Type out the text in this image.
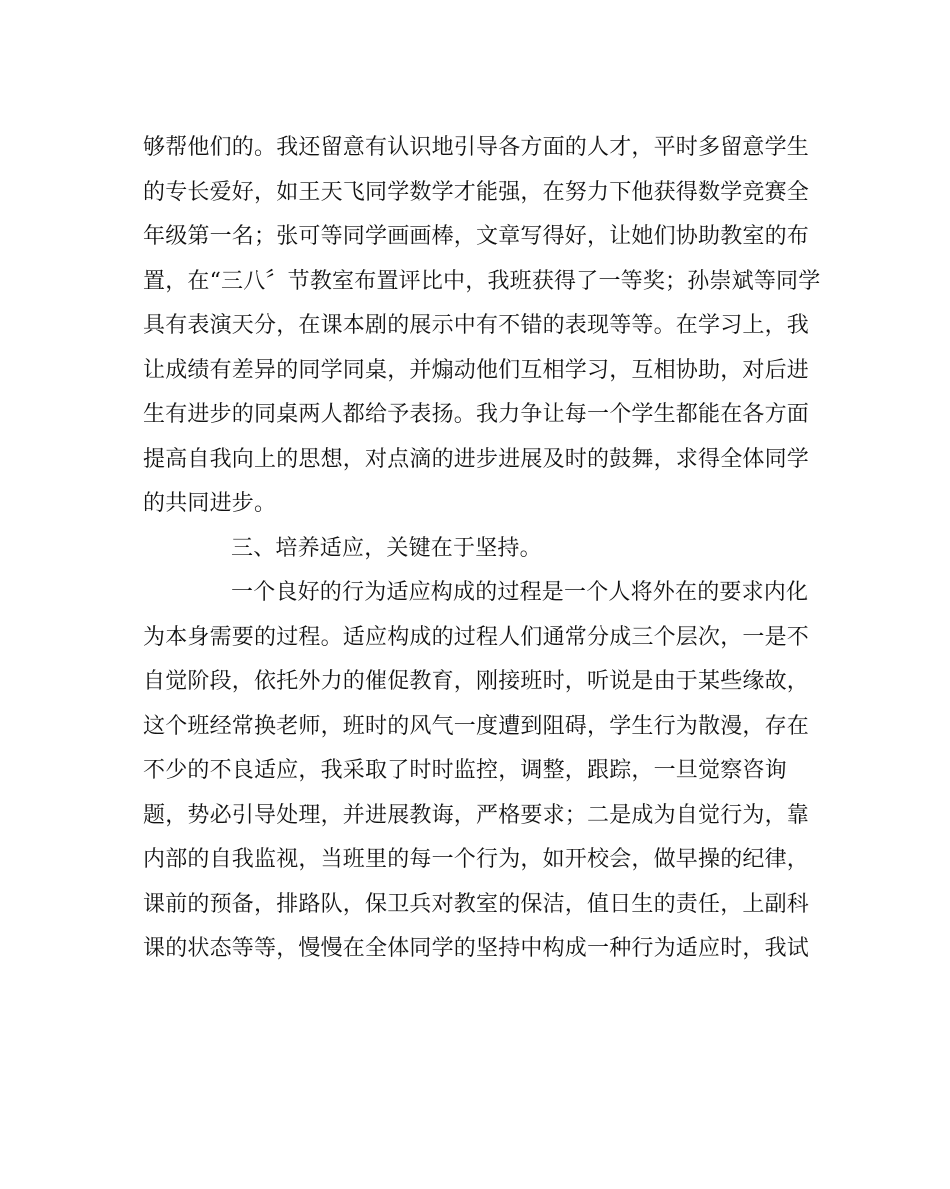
够帮他们的。我还留意有认识地引导各方面的人才，平时多留意学生
的专长爱好，如王天飞同学数学才能强，在努力下他获得数学竞赛全
年级第一名；张可等同学画画棒，文章写得好，让她们协助教室的布
置，在“三八〞节教室布置评比中，我班获得了一等奖；孙崇斌等同学
具有表演天分，在课本剧的展示中有不错的表现等等。在学习上，我
让成绩有差异的同学同桌，并煽动他们互相学习，互相协助，对后进
生有进步的同桌两人都给予表扬。我力争让每一个学生都能在各方面
提高自我向上的思想，对点滴的进步进展及时的鼓舞，求得全体同学
的共同进步。
三、培养适应，关键在于坚持。
一个良好的行为适应构成的过程是一个人将外在的要求内化
为本身需要的过程。适应构成的过程人们通常分成三个层次，一是不
自觉阶段，依托外力的催促教育，刚接班时，听说是由于某些缘故，
这个班经常换老师，班时的风气一度遭到阻碍，学生行为散漫，存在
不少的不良适应，我采取了时时监控，调整，跟踪，一旦觉察咨询
题，势必引导处理，并进展教诲，严格要求；二是成为自觉行为，靠
内部的自我监视，当班里的每一个行为，如开校会，做早操的纪律，
课前的预备，排路队，保卫兵对教室的保洁，值日生的责任，上副科
课的状态等等，慢慢在全体同学的坚持中构成一种行为适应时，我试
